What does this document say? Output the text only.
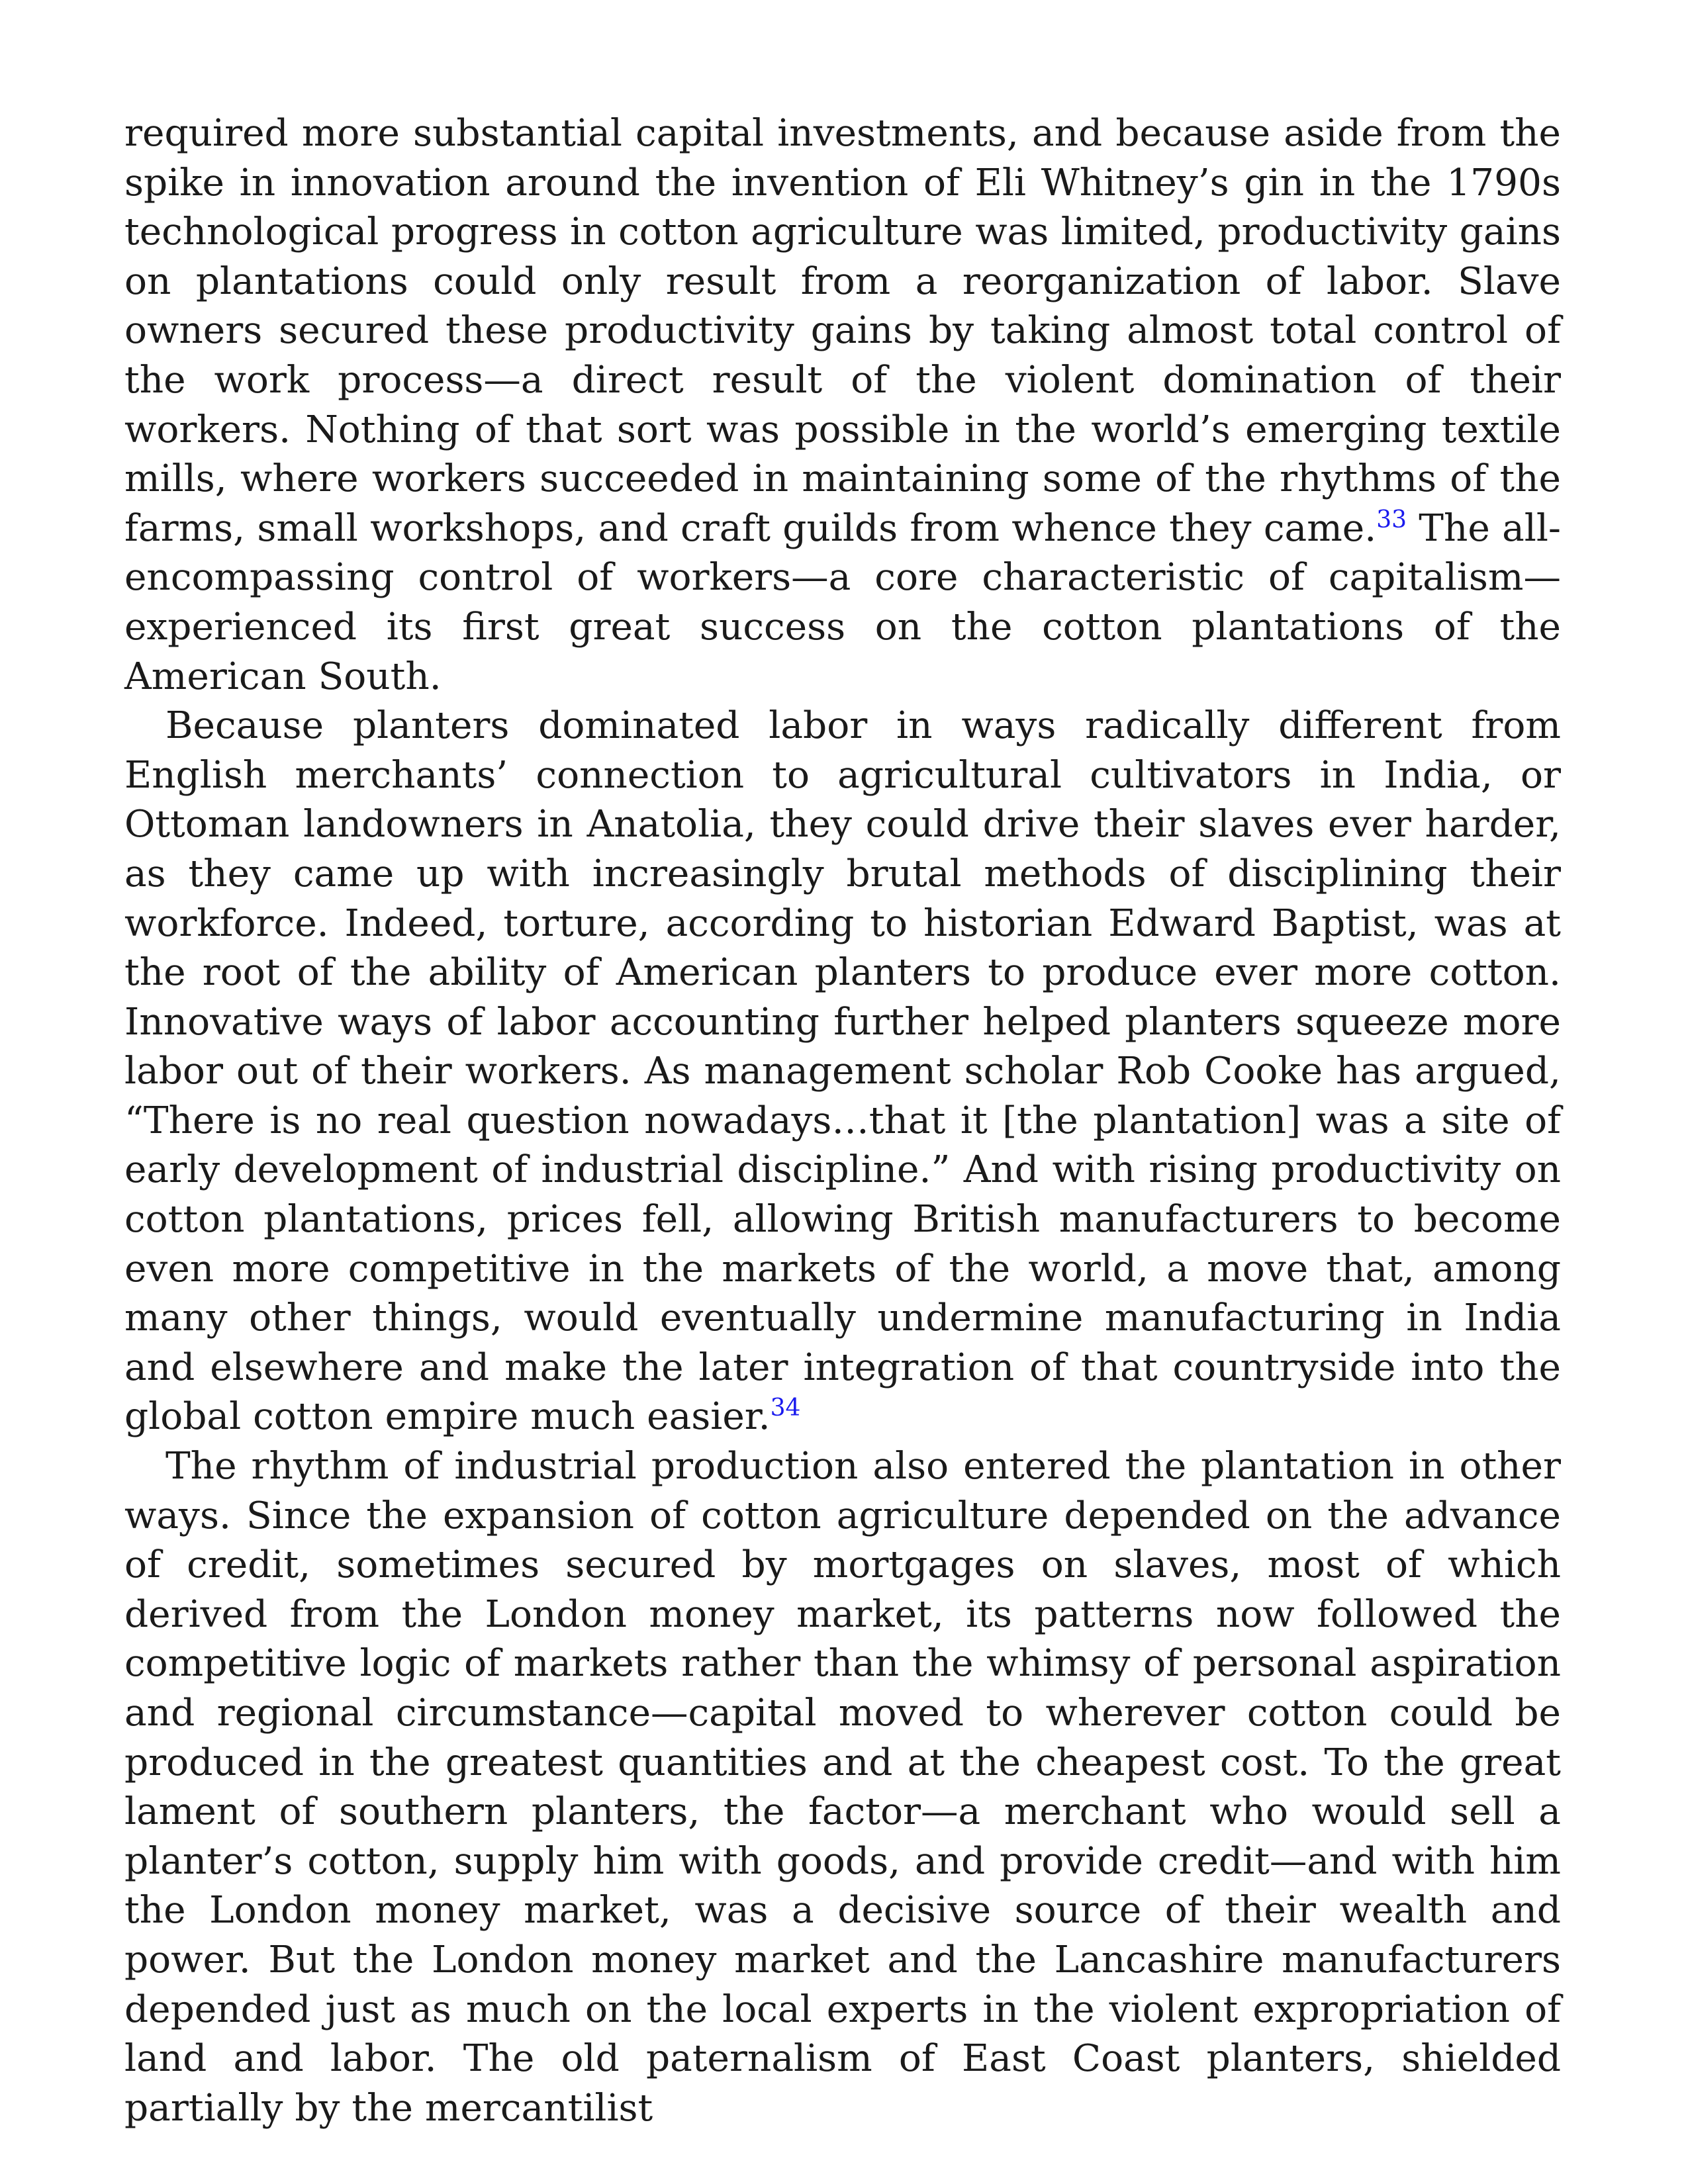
required more substantial capital investments, and because aside from the spike in innovation around the invention of Eli Whitney’s gin in the 1790s technological progress in cotton agriculture was limited, productivity gains on plantations could only result from a reorganization of labor. Slave owners secured these productivity gains by taking almost total control of the work process—a direct result of the violent domination of their workers. Nothing of that sort was possible in the world’s emerging textile mills, where workers succeeded in maintaining some of the rhythms of the farms, small workshops, and craft guilds from whence they came.$^{33}$ The all-encompassing control of workers—a core characteristic of capitalism—experienced its first great success on the cotton plantations of the American South.

Because planters dominated labor in ways radically different from English merchants’ connection to agricultural cultivators in India, or Ottoman landowners in Anatolia, they could drive their slaves ever harder, as they came up with increasingly brutal methods of disciplining their workforce. Indeed, torture, according to historian Edward Baptist, was at the root of the ability of American planters to produce ever more cotton. Innovative ways of labor accounting further helped planters squeeze more labor out of their workers. As management scholar Rob Cooke has argued, “There is no real question nowadays…that it [the plantation] was a site of early development of industrial discipline.” And with rising productivity on cotton plantations, prices fell, allowing British manufacturers to become even more competitive in the markets of the world, a move that, among many other things, would eventually undermine manufacturing in India and elsewhere and make the later integration of that countryside into the global cotton empire much easier.$^{34}$

The rhythm of industrial production also entered the plantation in other ways. Since the expansion of cotton agriculture depended on the advance of credit, sometimes secured by mortgages on slaves, most of which derived from the London money market, its patterns now followed the competitive logic of markets rather than the whimsy of personal aspiration and regional circumstance—capital moved to wherever cotton could be produced in the greatest quantities and at the cheapest cost. To the great lament of southern planters, the factor—a merchant who would sell a planter’s cotton, supply him with goods, and provide credit—and with him the London money market, was a decisive source of their wealth and power. But the London money market and the Lancashire manufacturers depended just as much on the local experts in the violent expropriation of land and labor. The old paternalism of East Coast planters, shielded partially by the mercantilist
